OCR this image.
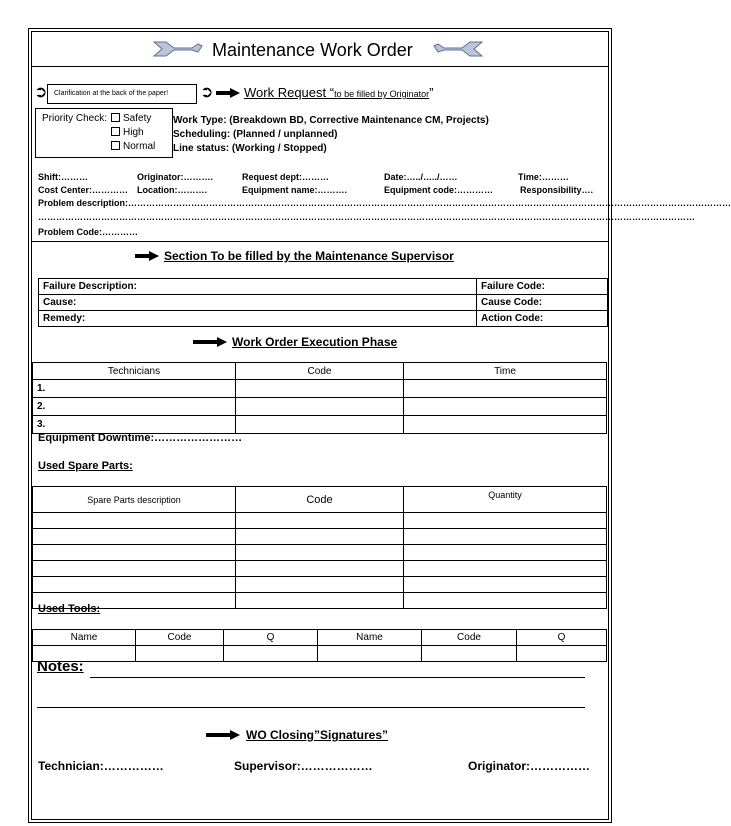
Maintenance Work Order
Clarification at the back of the paper!
➲	➲ Work Request “to be filled by Originator”
Priority Check:	Safety
High
Normal
Work Type: (Breakdown BD, Corrective Maintenance CM, Projects)
Scheduling: (Planned / unplanned)
Line status: (Working / Stopped)
Shift:………	Originator:……….	Request dept:………	Date:…../…../……	Time:………
Cost Center:………… Location:……….	Equipment name:……….	Equipment code:…………	Responsibility….
Problem description:…………………………………………………………………………………………………………………………………………………………………………………
…………………………………………………………………………………………………………………………………………………………………………………………………
Problem Code:…………
Section To be filled by the Maintenance Supervisor
Failure Description:	Failure Code:
Cause:	Cause Code:
Remedy:	Action Code:
Work Order Execution Phase
Technicians	Code	Time
1.		
2.		
3.		
Equipment Downtime:……………………
Used Spare Parts:
Spare Parts description	Code	Quantity

Used Tools:
Name	Code	Q	Name	Code	Q

Notes:
WO Closing”Signatures”
Technician:……………	Supervisor:………………	Originator:……………
